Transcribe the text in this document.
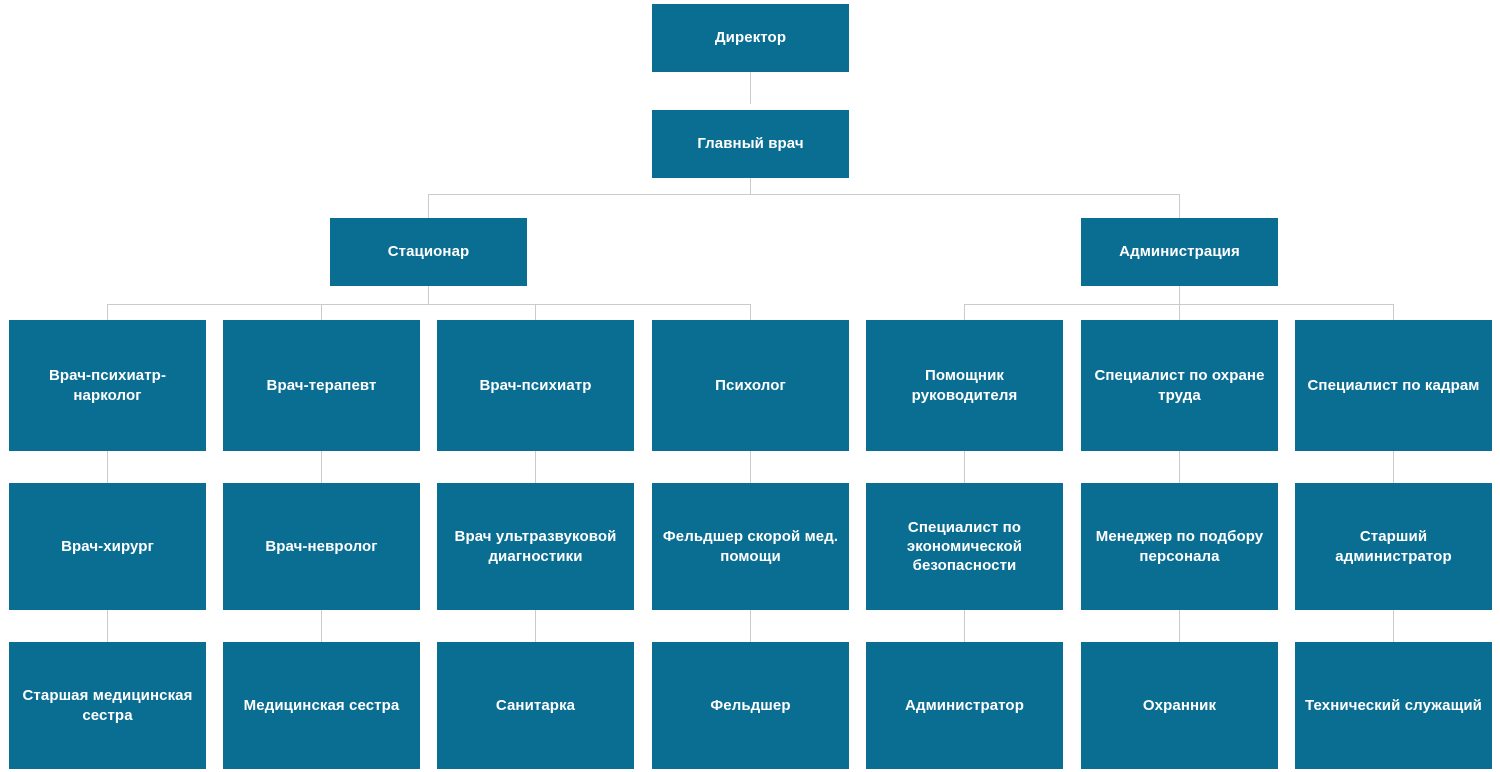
Директор
Главный врач
Стационар	Администрация
Врач-психиатр-нарколог
Врач-терапевт	Врач-психиатр	Психолог
Помощник руководителя
Специалист по охране труда
Специалист по кадрам
Врач-хирург	Врач-невролог
Врач ультразвуковой диагностики
Фельдшер скорой мед. помощи
Специалист по экономической безопасности
Менеджер по подбору персонала
Старший администратор
Старшая медицинская сестра
Медицинская сестра	Санитарка	Фельдшер	Администратор	Охранник	Технический служащий
